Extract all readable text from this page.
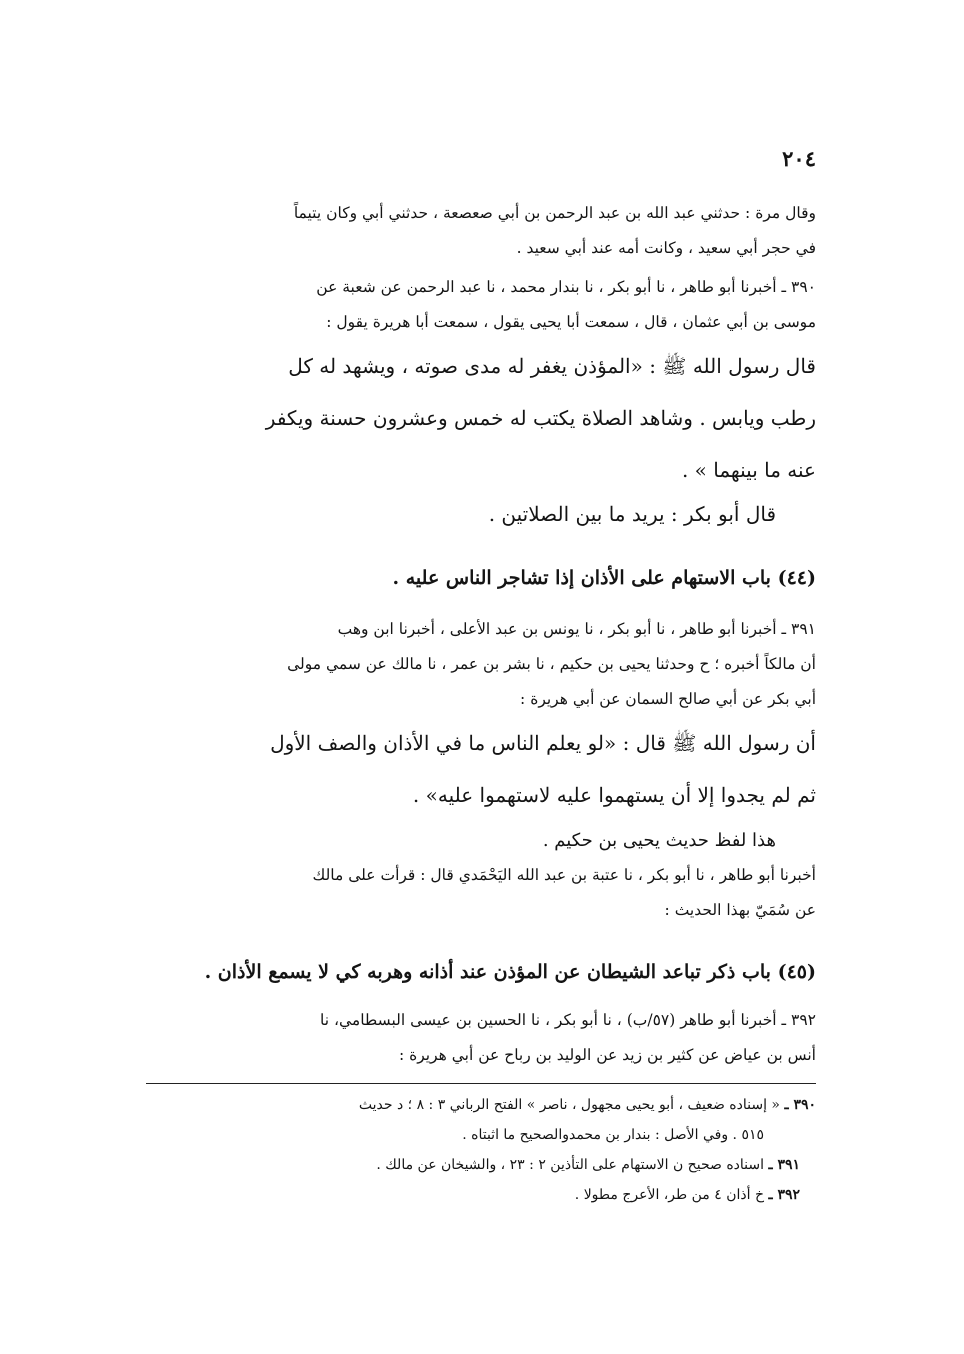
٢٠٤
وقال مرة : حدثني عبد الله بن عبد الرحمن بن أبي صعصعة ، حدثني أبي وكان يتيماً
في حجر أبي سعيد ، وكانت أمه عند أبي سعيد .
٣٩٠ ـ أخبرنا أبو طاهر ، نا أبو بكر ، نا بندار محمد ، نا عبد الرحمن عن شعبة عن
موسى بن أبي عثمان ، قال ، سمعت أبا يحيى يقول ، سمعت أبا هريرة يقول :
قال رسول الله ﷺ : «المؤذن يغفر له مدى صوته ، ويشهد له كل
رطب ويابس . وشاهد الصلاة يكتب له خمس وعشرون حسنة ويكفر
عنه ما بينهما » .
قال أبو بكر : يريد ما بين الصلاتين .
(٤٤) باب الاستهام على الأذان إذا تشاجر الناس عليه .
٣٩١ ـ أخبرنا أبو طاهر ، نا أبو بكر ، نا يونس بن عبد الأعلى ، أخبرنا ابن وهب
أن مالكاً أخبره ؛ ح وحدثنا يحيى بن حكيم ، نا بشر بن عمر ، نا مالك عن سمي مولى
أبي بكر عن أبي صالح السمان عن أبي هريرة :
أن رسول الله ﷺ قال : «لو يعلم الناس ما في الأذان والصف الأول
ثم لم يجدوا إلا أن يستهموا عليه لاستهموا عليه» .
هذا لفظ حديث يحيى بن حكيم .
أخبرنا أبو طاهر ، نا أبو بكر ، نا عتبة بن عبد الله اليَحْمَدي قال : قرأت على مالك
عن سُمَيّ بهذا الحديث :
(٤٥) باب ذكر تباعد الشيطان عن المؤذن عند أذانه وهربه كي لا يسمع الأذان .
٣٩٢ ـ أخبرنا أبو طاهر (٥٧/ب) ، نا أبو بكر ، نا الحسين بن عيسى البسطامي، نا
أنس بن عياض عن كثير بن زيد عن الوليد بن رباح عن أبي هريرة :
٣٩٠ ـ « إسناده ضعيف ، أبو يحيى مجهول ، ناصر » الفتح الرباني ٣ : ٨ ؛ د حديث
٥١٥ . وفي الأصل : بندار بن محمدوالصحيح ما اثبتاه .
٣٩١ ـ اسناده صحيح ن الاستهام على التأذين ٢ : ٢٣ ، والشيخان عن مالك .
٣٩٢ ـ خ أذان ٤ من طر، الأعرج مطولا .
